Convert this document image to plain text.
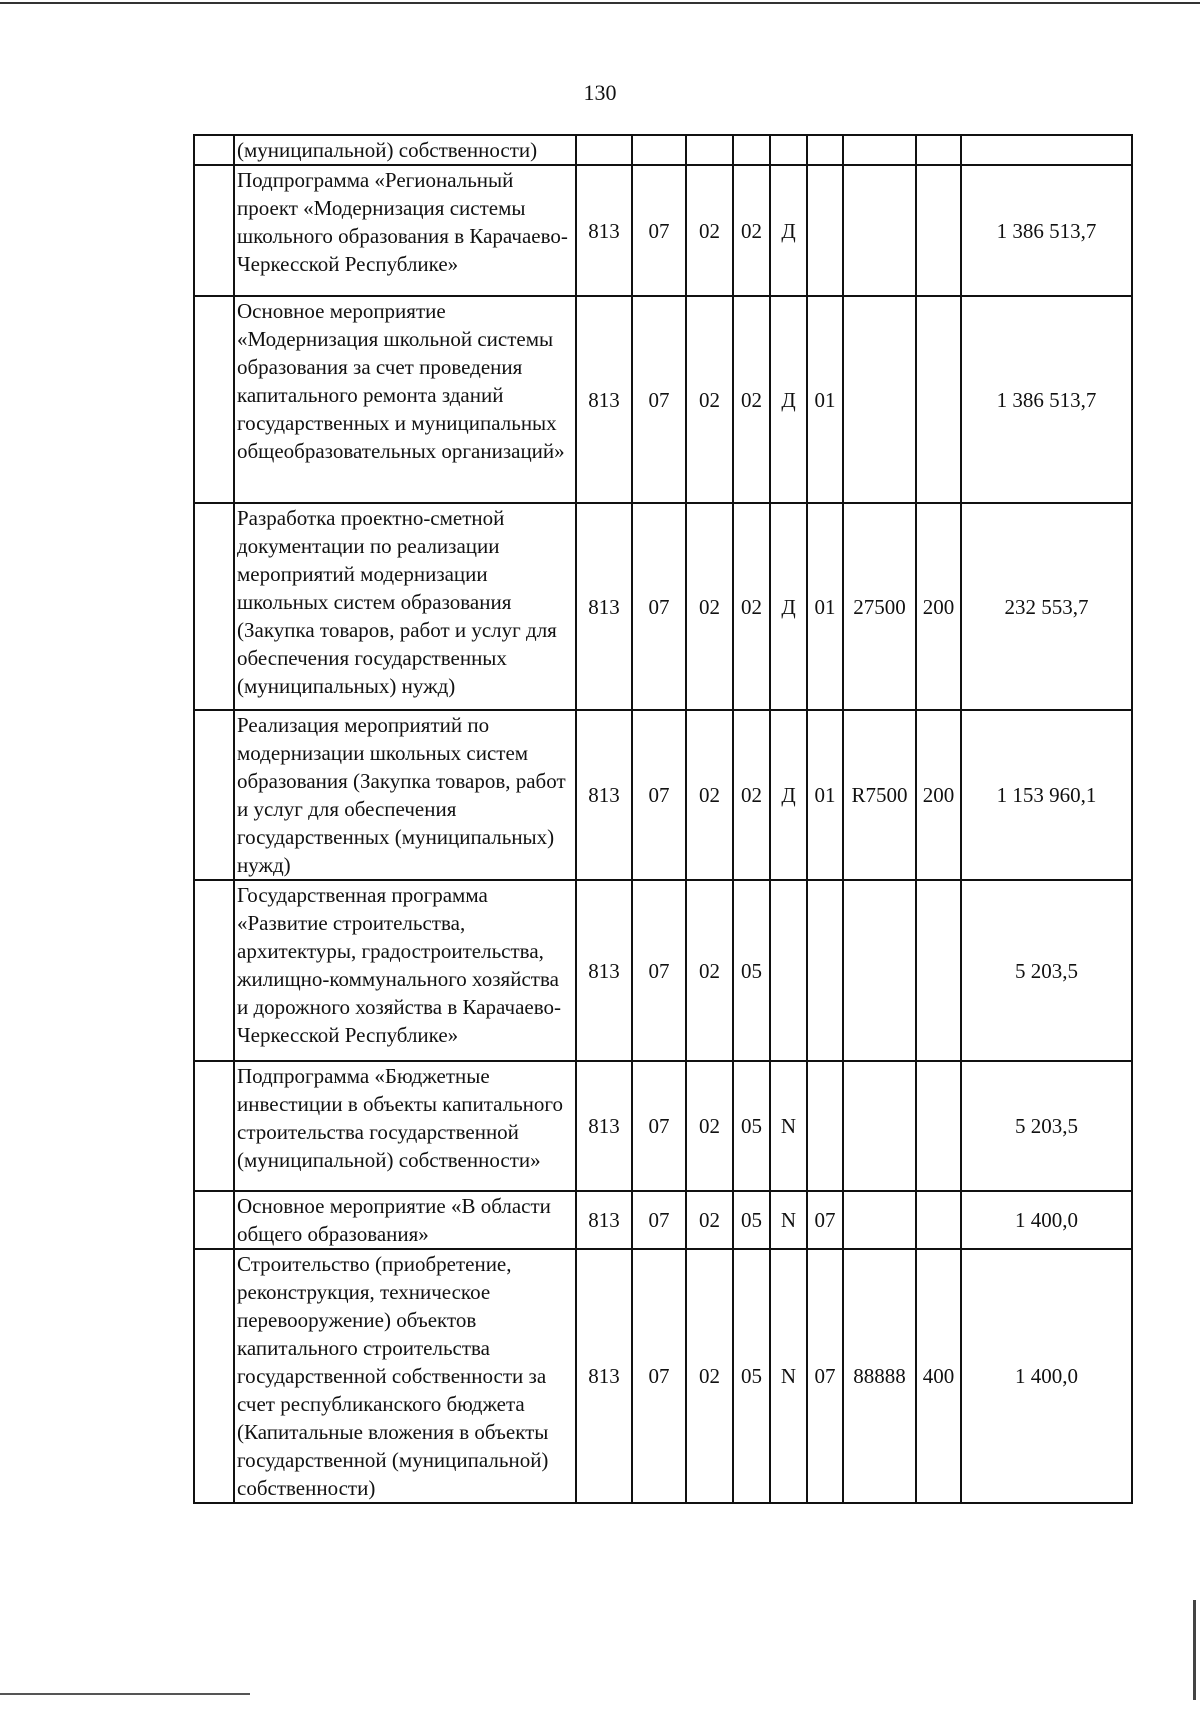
130
	(муниципальной) собственности)									
	Подпрограмма «Региональный проект «Модернизация системы школьного образования в Карачаево-Черкесской Республике»	813	07	02	02	Д				1 386 513,7
	Основное мероприятие «Модернизация школьной системы образования за счет проведения капитального ремонта зданий государственных и муниципальных общеобразовательных организаций»	813	07	02	02	Д	01			1 386 513,7
	Разработка проектно-сметной документации по реализации мероприятий модернизации школьных систем образования (Закупка товаров, работ и услуг для обеспечения государственных (муниципальных) нужд)	813	07	02	02	Д	01	27500	200	232 553,7
	Реализация мероприятий по модернизации школьных систем образования (Закупка товаров, работ и услуг для обеспечения государственных (муниципальных) нужд)	813	07	02	02	Д	01	R7500	200	1 153 960,1
	Государственная программа «Развитие строительства, архитектуры, градостроительства, жилищно-коммунального хозяйства и дорожного хозяйства в Карачаево-Черкесской Республике»	813	07	02	05					5 203,5
	Подпрограмма «Бюджетные инвестиции в объекты капитального строительства государственной (муниципальной) собственности»	813	07	02	05	N				5 203,5
	Основное мероприятие «В области общего образования»	813	07	02	05	N	07			1 400,0
	Строительство (приобретение, реконструкция, техническое перевооружение) объектов капитального строительства государственной собственности за счет республиканского бюджета (Капитальные вложения в объекты государственной (муниципальной) собственности)	813	07	02	05	N	07	88888	400	1 400,0
